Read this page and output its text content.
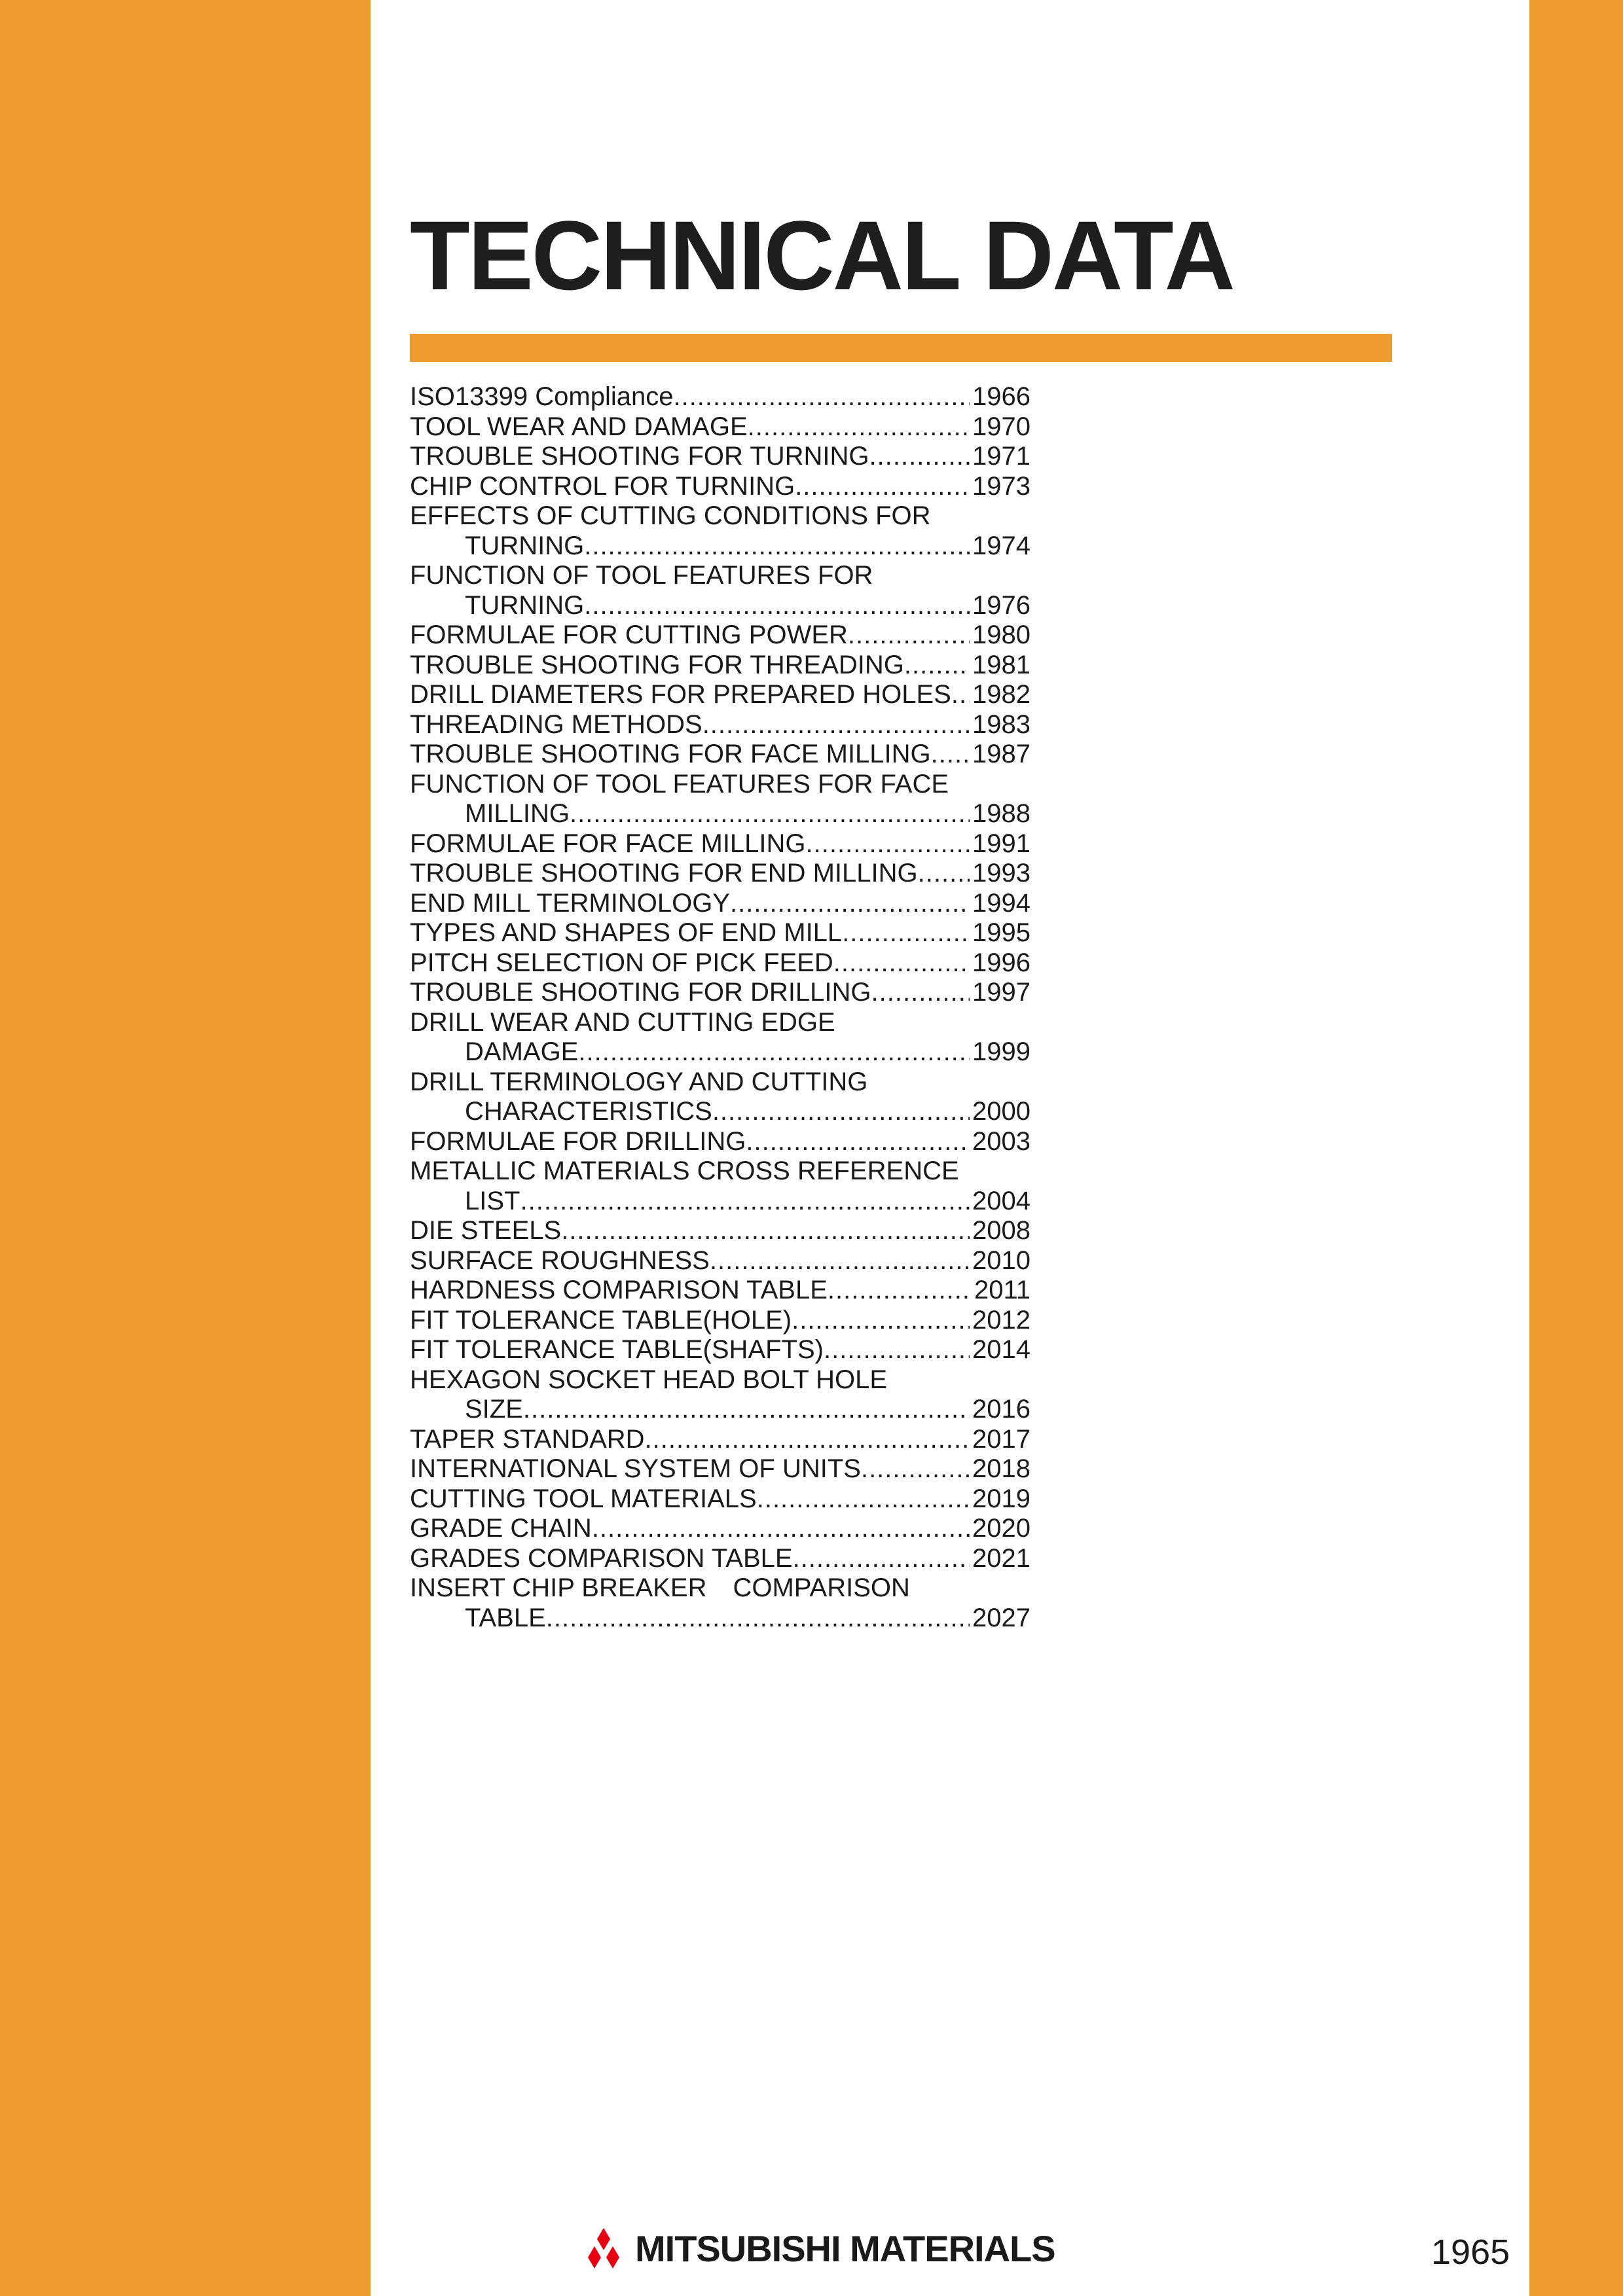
TECHNICAL DATA
ISO13399 Compliance .....	1966
TOOL WEAR AND DAMAGE .....	1970
TROUBLE SHOOTING FOR TURNING .....	1971
CHIP CONTROL FOR TURNING .....	1973
EFFECTS OF CUTTING CONDITIONS FOR
TURNING .....	1974
FUNCTION OF TOOL FEATURES FOR
TURNING .....	1976
FORMULAE FOR CUTTING POWER .....	1980
TROUBLE SHOOTING FOR THREADING .....	1981
DRILL DIAMETERS FOR PREPARED HOLES ..... 1982
THREADING METHODS .....	1983
TROUBLE SHOOTING FOR FACE MILLING ..... 1987
FUNCTION OF TOOL FEATURES FOR FACE
MILLING .....	1988
FORMULAE FOR FACE MILLING .....	1991
TROUBLE SHOOTING FOR END MILLING ..... 1993
END MILL TERMINOLOGY .....	1994
TYPES AND SHAPES OF END MILL .....	1995
PITCH SELECTION OF PICK FEED .....	1996
TROUBLE SHOOTING FOR DRILLING .....	1997
DRILL WEAR AND CUTTING EDGE
DAMAGE .....	1999
DRILL TERMINOLOGY AND CUTTING
CHARACTERISTICS .....	2000
FORMULAE FOR DRILLING .....	2003
METALLIC MATERIALS CROSS REFERENCE
LIST .....	2004
DIE STEELS .....	2008
SURFACE ROUGHNESS .....	2010
HARDNESS COMPARISON TABLE .....	2011
FIT TOLERANCE TABLE(HOLE) .....	2012
FIT TOLERANCE TABLE(SHAFTS) .....	2014
HEXAGON SOCKET HEAD BOLT HOLE
SIZE .....	2016
TAPER STANDARD .....	2017
INTERNATIONAL SYSTEM OF UNITS .....	2018
CUTTING TOOL MATERIALS .....	2019
GRADE CHAIN .....	2020
GRADES COMPARISON TABLE .....	2021
INSERT CHIP BREAKER　COMPARISON
TABLE .....	2027
MITSUBISHI MATERIALS	1965
